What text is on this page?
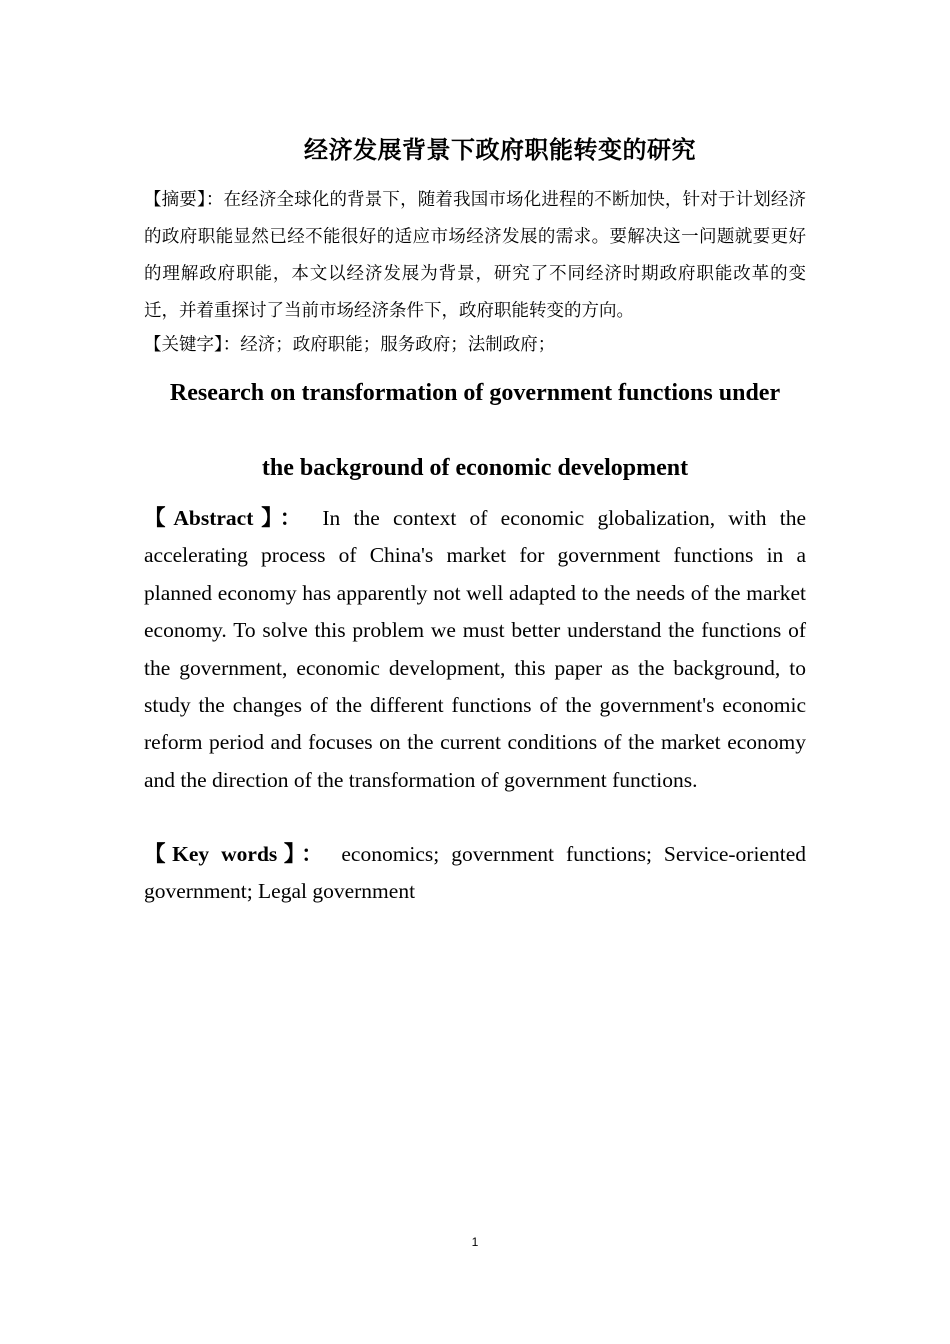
经济发展背景下政府职能转变的研究
【摘要】：在经济全球化的背景下，随着我国市场化进程的不断加快，针对于计划经济的政府职能显然已经不能很好的适应市场经济发展的需求。要解决这一问题就要更好的理解政府职能，本文以经济发展为背景，研究了不同经济时期政府职能改革的变迁，并着重探讨了当前市场经济条件下，政府职能转变的方向。
【关键字】：经济；政府职能；服务政府；法制政府；
Research on transformation of government functions under
the background of economic development
【Abstract】： In the context of economic globalization, with the accelerating process of China's market for government functions in a planned economy has apparently not well adapted to the needs of the market economy. To solve this problem we must better understand the functions of the government, economic development, this paper as the background, to study the changes of the different functions of the government's economic reform period and focuses on the current conditions of the market economy and the direction of the transformation of government functions.
【Key words】： economics; government functions; Service-oriented government; Legal government
1
